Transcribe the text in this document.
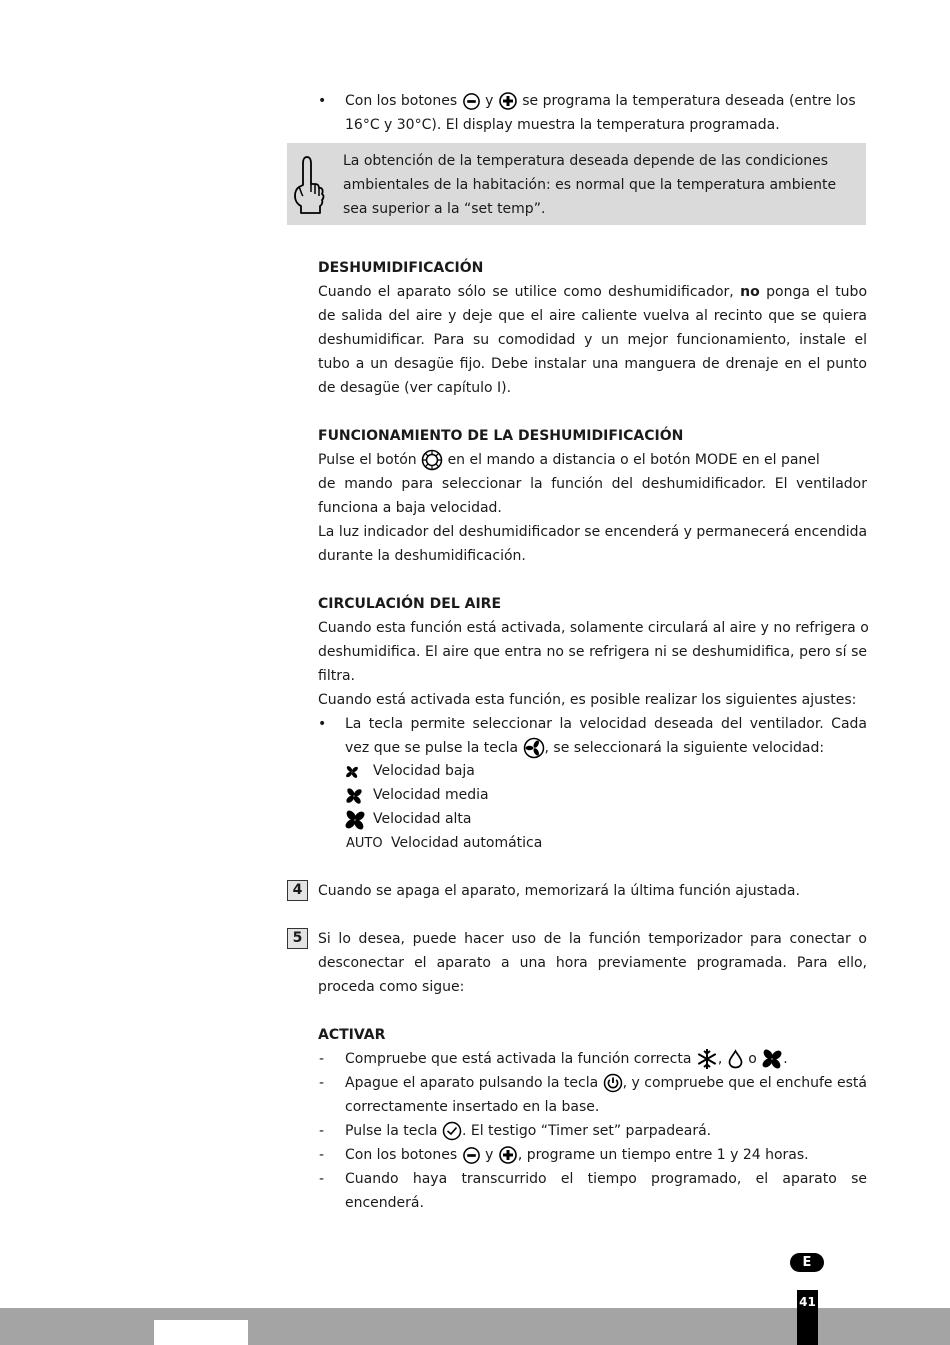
• Con los botones y se programa la temperatura deseada (entre los
16°C y 30°C). El display muestra la temperatura programada.
La obtención de la temperatura deseada depende de las condiciones
ambientales de la habitación: es normal que la temperatura ambiente
sea superior a la “set temp”.
DESHUMIDIFICACIÓN
Cuando el aparato sólo se utilice como deshumidificador, no ponga el tubo
de salida del aire y deje que el aire caliente vuelva al recinto que se quiera
deshumidificar. Para su comodidad y un mejor funcionamiento, instale el
tubo a un desagüe fijo. Debe instalar una manguera de drenaje en el punto
de desagüe (ver capítulo I).
FUNCIONAMIENTO DE LA DESHUMIDIFICACIÓN
Pulse el botón en el mando a distancia o el botón MODE en el panel
de mando para seleccionar la función del deshumidificador. El ventilador
funciona a baja velocidad.
La luz indicador del deshumidificador se encenderá y permanecerá encendida
durante la deshumidificación.
CIRCULACIÓN DEL AIRE
Cuando esta función está activada, solamente circulará al aire y no refrigera o
deshumidifica. El aire que entra no se refrigera ni se deshumidifica, pero sí se
filtra.
Cuando está activada esta función, es posible realizar los siguientes ajustes:
• La tecla permite seleccionar la velocidad deseada del ventilador. Cada
vez que se pulse la tecla , se seleccionará la siguiente velocidad:
Velocidad baja
Velocidad media
Velocidad alta
AUTO Velocidad automática
4	Cuando se apaga el aparato, memorizará la última función ajustada.
5	Si lo desea, puede hacer uso de la función temporizador para conectar o
desconectar el aparato a una hora previamente programada. Para ello,
proceda como sigue:
ACTIVAR
- Compruebe que está activada la función correcta , o .
- Apague el aparato pulsando la tecla , y compruebe que el enchufe está
correctamente insertado en la base.
- Pulse la tecla . El testigo “Timer set” parpadeará.
- Con los botones y , programe un tiempo entre 1 y 24 horas.
- Cuando haya transcurrido el tiempo programado, el aparato se
encenderá.
E
41
